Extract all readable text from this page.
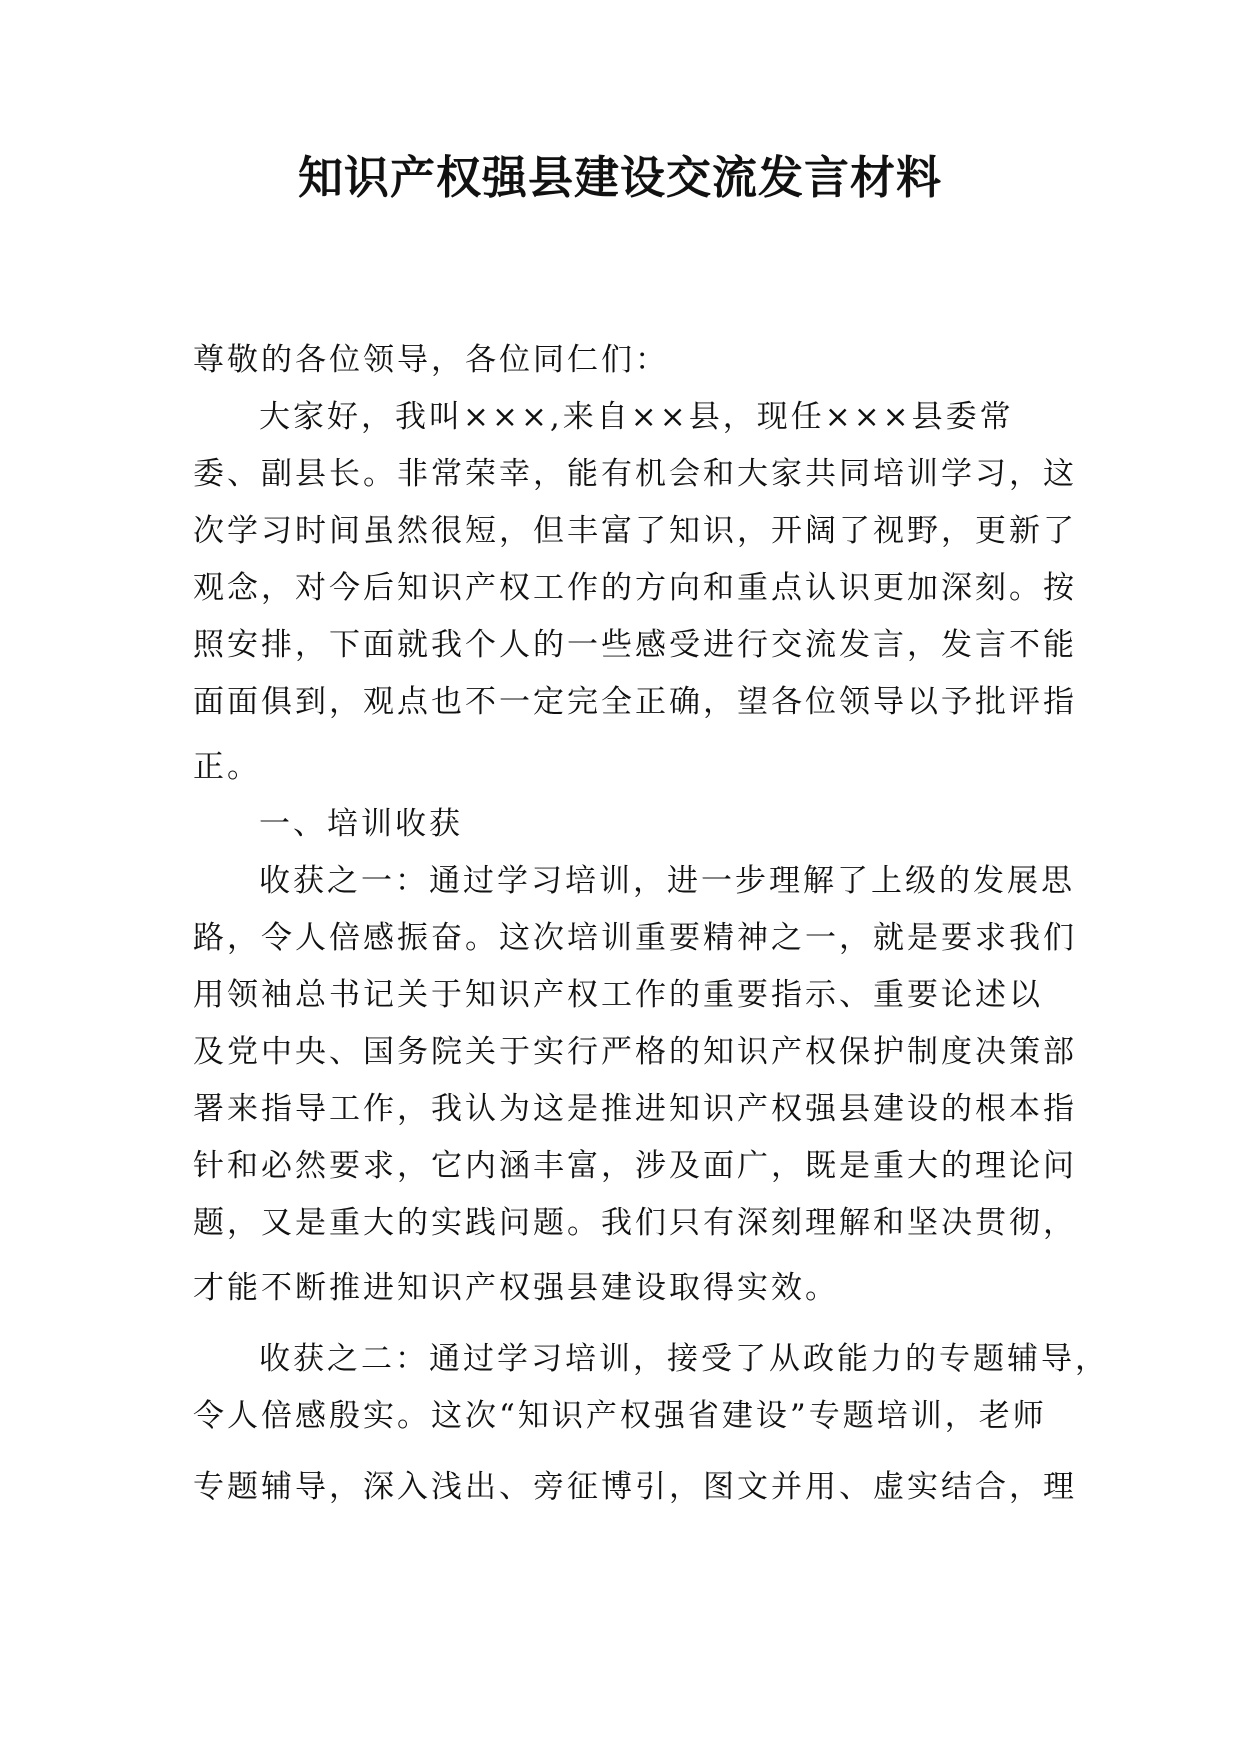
知识产权强县建设交流发言材料
尊敬的各位领导，各位同仁们：
大家好，我叫×××,来自××县，现任×××县委常
委、副县长。非常荣幸，能有机会和大家共同培训学习，这
次学习时间虽然很短，但丰富了知识，开阔了视野，更新了
观念，对今后知识产权工作的方向和重点认识更加深刻。按
照安排，下面就我个人的一些感受进行交流发言，发言不能
面面俱到，观点也不一定完全正确，望各位领导以予批评指
正。
一、培训收获
收获之一：通过学习培训，进一步理解了上级的发展思
路，令人倍感振奋。这次培训重要精神之一，就是要求我们
用领袖总书记关于知识产权工作的重要指示、重要论述以
及党中央、国务院关于实行严格的知识产权保护制度决策部
署来指导工作，我认为这是推进知识产权强县建设的根本指
针和必然要求，它内涵丰富，涉及面广，既是重大的理论问
题，又是重大的实践问题。我们只有深刻理解和坚决贯彻，
才能不断推进知识产权强县建设取得实效。
收获之二：通过学习培训，接受了从政能力的专题辅导，
令人倍感殷实。这次“知识产权强省建设”专题培训，老师
专题辅导，深入浅出、旁征博引，图文并用、虚实结合，理
